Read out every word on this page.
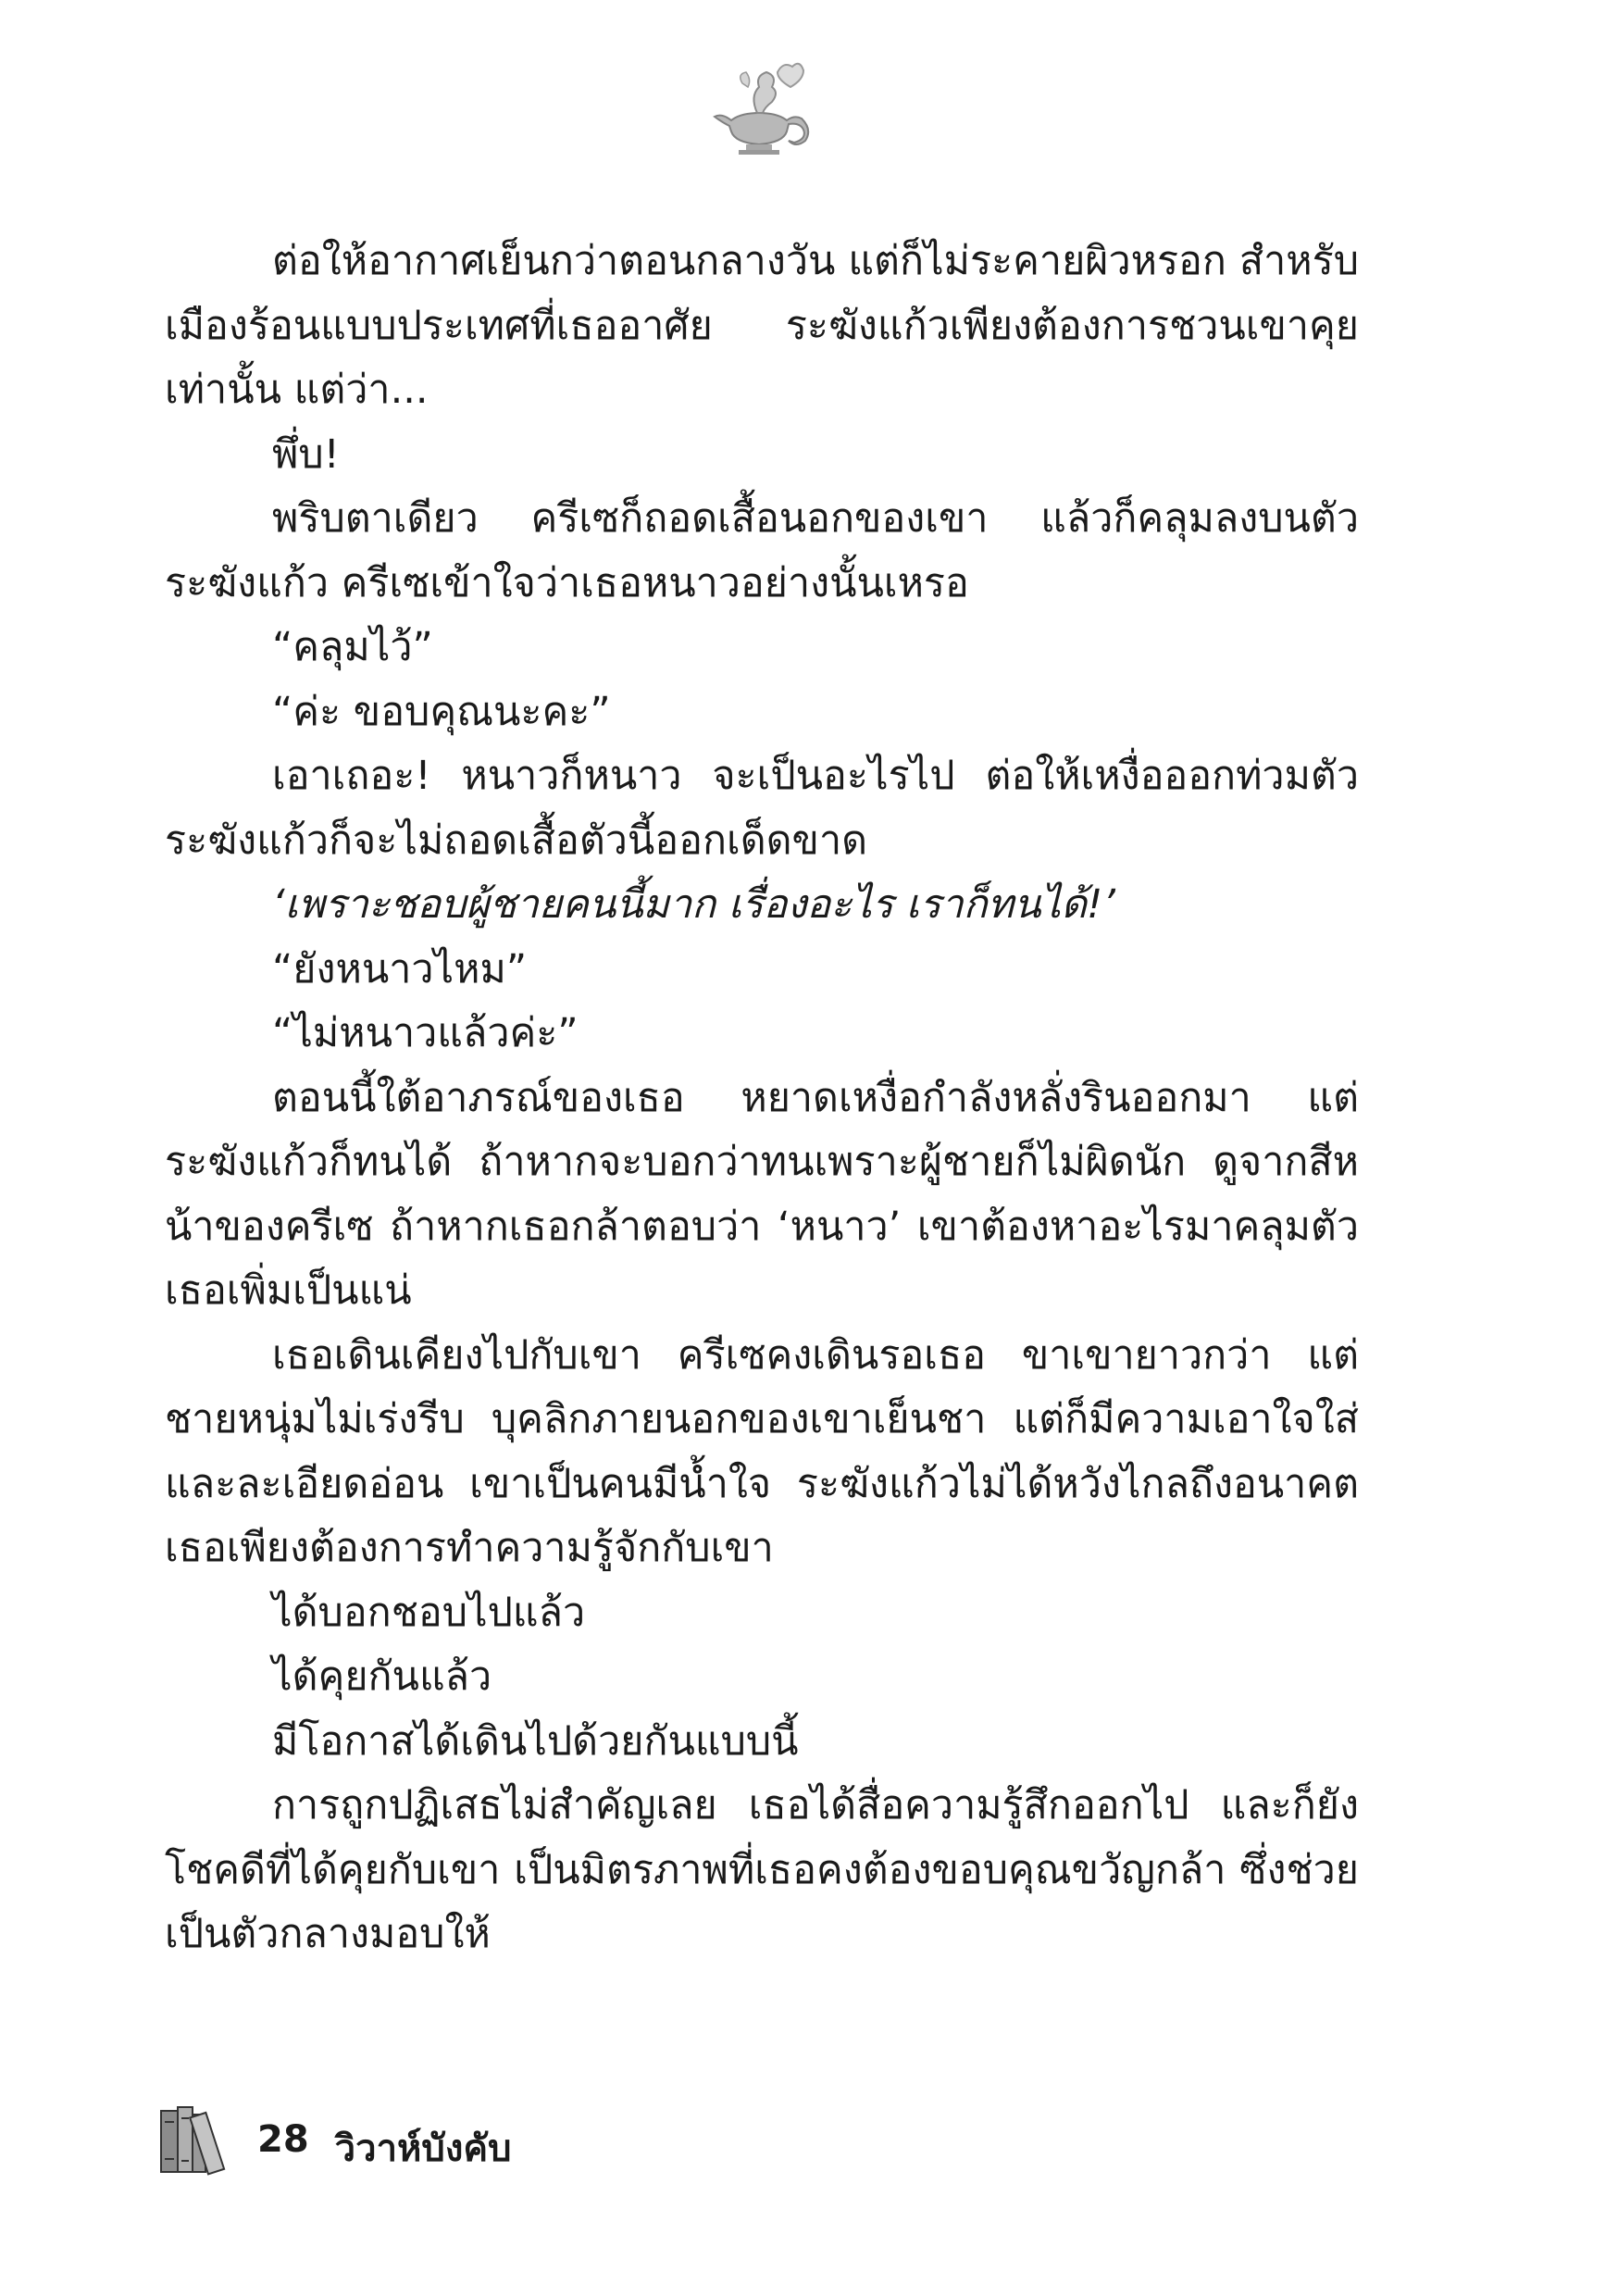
ต่อให้อากาศเย็นกว่าตอนกลางวัน แต่ก็ไม่ระคายผิวหรอก สำหรับเมืองร้อนแบบประเทศที่เธออาศัย ระฆังแก้วเพียงต้องการชวนเขาคุยเท่านั้น แต่ว่า...

พึ่บ!

พริบตาเดียว ครีเซก็ถอดเสื้อนอกของเขา แล้วก็คลุมลงบนตัวระฆังแก้ว ครีเซเข้าใจว่าเธอหนาวอย่างนั้นเหรอ

“คลุมไว้”

“ค่ะ ขอบคุณนะคะ”

เอาเถอะ! หนาวก็หนาว จะเป็นอะไรไป ต่อให้เหงื่อออกท่วมตัวระฆังแก้วก็จะไม่ถอดเสื้อตัวนี้ออกเด็ดขาด

‘เพราะชอบผู้ชายคนนี้มาก เรื่องอะไร เราก็ทนได้!’

“ยังหนาวไหม”

“ไม่หนาวแล้วค่ะ”

ตอนนี้ใต้อาภรณ์ของเธอ หยาดเหงื่อกำลังหลั่งรินออกมา แต่ระฆังแก้วก็ทนได้ ถ้าหากจะบอกว่าทนเพราะผู้ชายก็ไม่ผิดนัก ดูจากสีหน้าของครีเซ ถ้าหากเธอกล้าตอบว่า ‘หนาว’ เขาต้องหาอะไรมาคลุมตัวเธอเพิ่มเป็นแน่

เธอเดินเคียงไปกับเขา ครีเซคงเดินรอเธอ ขาเขายาวกว่า แต่ชายหนุ่มไม่เร่งรีบ บุคลิกภายนอกของเขาเย็นชา แต่ก็มีความเอาใจใส่และละเอียดอ่อน เขาเป็นคนมีน้ำใจ ระฆังแก้วไม่ได้หวังไกลถึงอนาคต เธอเพียงต้องการทำความรู้จักกับเขา

ได้บอกชอบไปแล้ว

ได้คุยกันแล้ว

มีโอกาสได้เดินไปด้วยกันแบบนี้

การถูกปฏิเสธไม่สำคัญเลย เธอได้สื่อความรู้สึกออกไป และก็ยังโชคดีที่ได้คุยกับเขา เป็นมิตรภาพที่เธอคงต้องขอบคุณขวัญกล้า ซึ่งช่วยเป็นตัวกลางมอบให้

28 วิวาห์บังคับ
